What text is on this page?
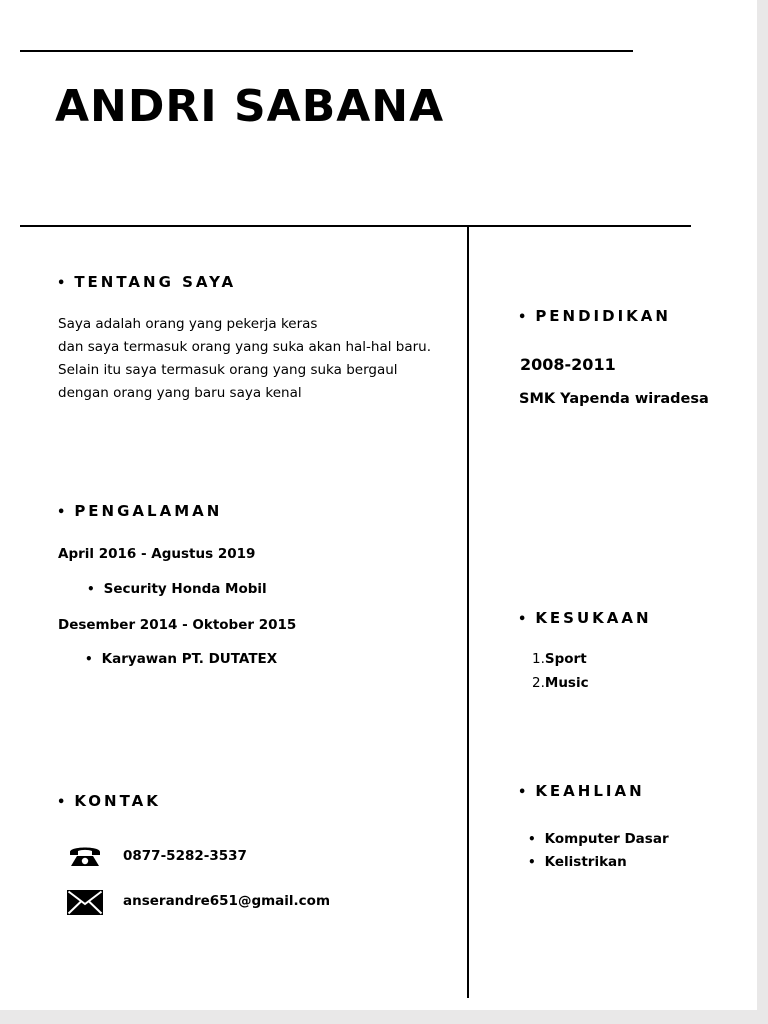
ANDRI SABANA
• TENTANG SAYA
Saya adalah orang yang pekerja keras
dan saya termasuk orang yang suka akan hal-hal baru.
Selain itu saya termasuk orang yang suka bergaul
dengan orang yang baru saya kenal
• PENGALAMAN
April 2016 - Agustus 2019
• Security Honda Mobil
Desember 2014 - Oktober 2015
• Karyawan PT. DUTATEX
• KONTAK
0877-5282-3537
anserandre651@gmail.com
• PENDIDIKAN
2008-2011
SMK Yapenda wiradesa
• KESUKAAN
1.Sport
2.Music
• KEAHLIAN
• Komputer Dasar
• Kelistrikan
